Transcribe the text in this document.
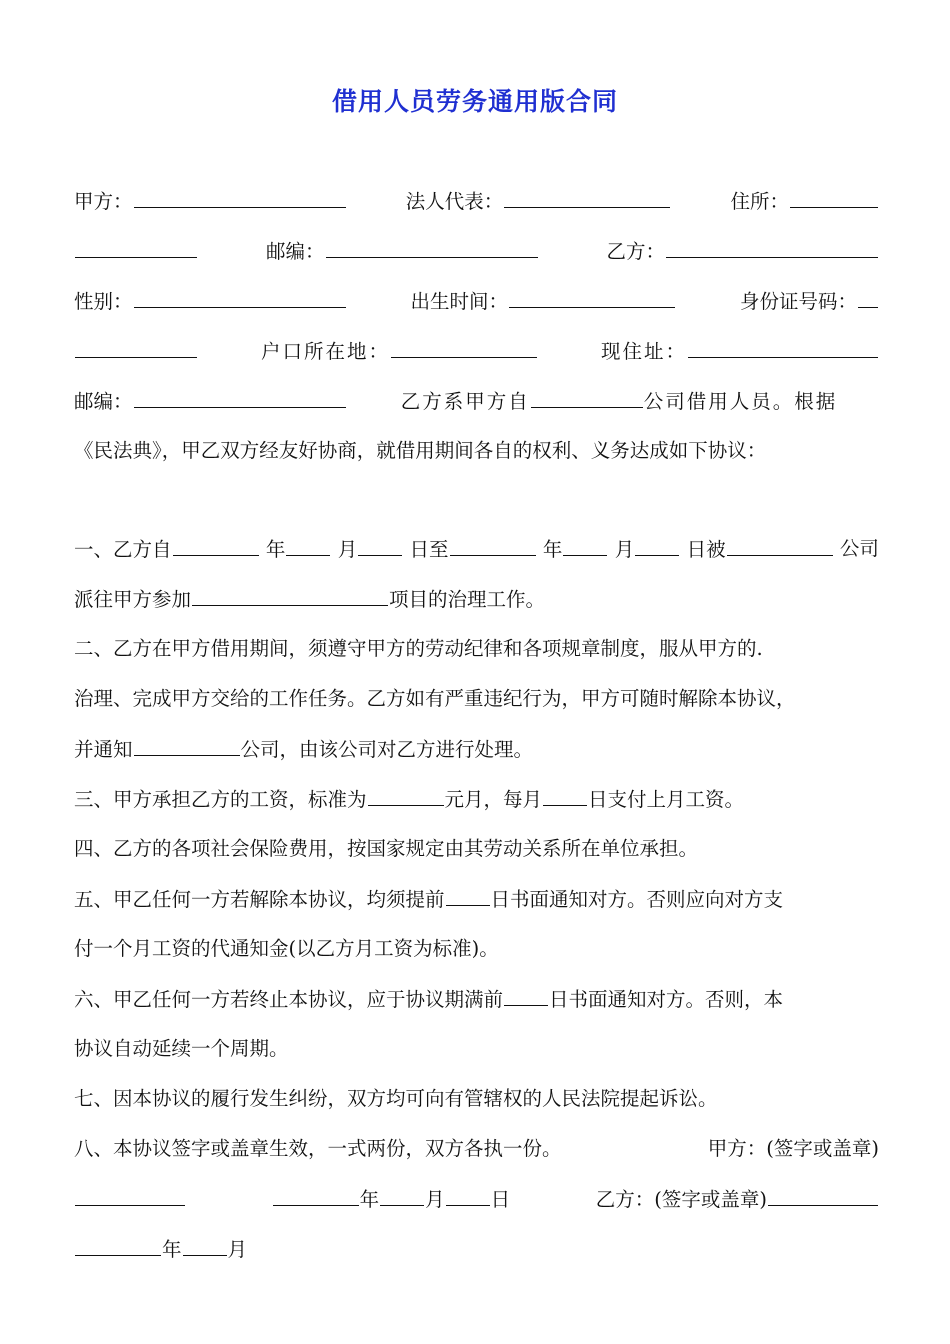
借用人员劳务通用版合同
甲方：	法人代表：	住所：
邮编：	乙方：
性别：	出生时间：	身份证号码：
户口所在地：	现住址：
邮编：
	乙方系甲方自	公司借用人员。根据
《民法典》，甲乙双方经友好协商，就借用期间各自的权利、义务达成如下协议：
一、乙方自	年	月	日至	年	月	日被	公司
派往甲方参加	项目的治理工作。
二、乙方在甲方借用期间，须遵守甲方的劳动纪律和各项规章制度，服从甲方的.
治理、完成甲方交给的工作任务。乙方如有严重违纪行为，甲方可随时解除本协议，
并通知	公司，由该公司对乙方进行处理。
三、甲方承担乙方的工资，标准为	元月，每月 日支付上月工资。
四、乙方的各项社会保险费用，按国家规定由其劳动关系所在单位承担。
五、甲乙任何一方若解除本协议，均须提前 日书面通知对方。否则应向对方支
付一个月工资的代通知金(以乙方月工资为标准)。
六、甲乙任何一方若终止本协议，应于协议期满前 日书面通知对方。否则，本
协议自动延续一个周期。
七、因本协议的履行发生纠纷，双方均可向有管辖权的人民法院提起诉讼。
八、本协议签字或盖章生效，一式两份，双方各执一份。	甲方：(签字或盖章)
年 月 日	乙方：(签字或盖章)
年 月
